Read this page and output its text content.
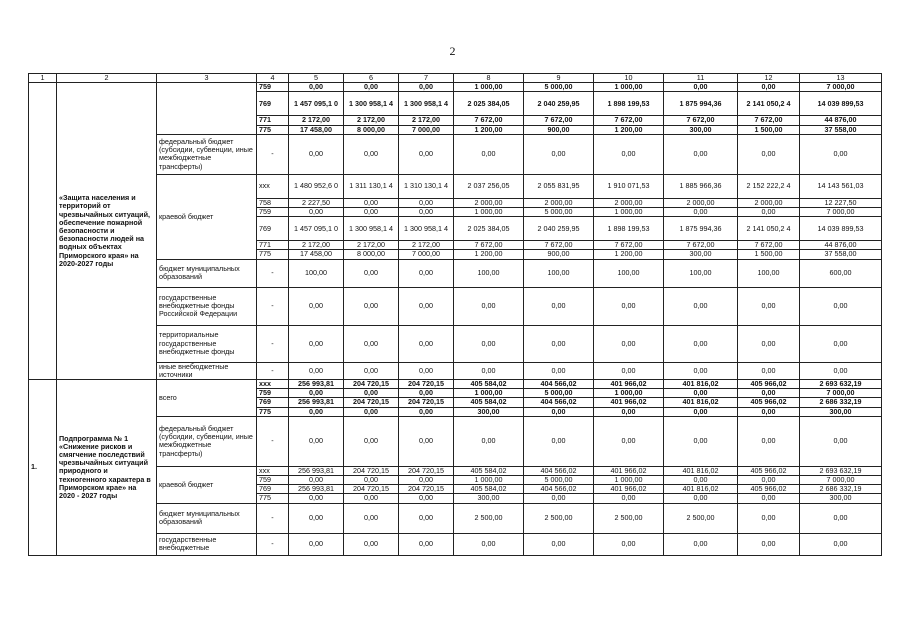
2
1	2	3	4	5	6	7	8	9	10	11	12	13
	«Защита населения и территорий от чрезвычайных ситуаций, обеспечение пожарной безопасности и безопасности людей на водных объектах Приморского края» на 2020-2027 годы		759	0,00	0,00	0,00	1 000,00	5 000,00	1 000,00	0,00	0,00	7 000,00
			769	1 457 095,1 0	1 300 958,1 4	1 300 958,1 4	2 025 384,05	2 040 259,95	1 898 199,53	1 875 994,36	2 141 050,2 4	14 039 899,53
			771	2 172,00	2 172,00	2 172,00	7 672,00	7 672,00	7 672,00	7 672,00	7 672,00	44 876,00
			775	17 458,00	8 000,00	7 000,00	1 200,00	900,00	1 200,00	300,00	1 500,00	37 558,00
		федеральный бюджет (субсидии, субвенции, иные межбюджетные трансферты)	-	0,00	0,00	0,00	0,00	0,00	0,00	0,00	0,00	0,00
		краевой бюджет	ххх	1 480 952,6 0	1 311 130,1 4	1 310 130,1 4	2 037 256,05	2 055 831,95	1 910 071,53	1 885 966,36	2 152 222,2 4	14 143 561,03
			758	2 227,50	0,00	0,00	2 000,00	2 000,00	2 000,00	2 000,00	2 000,00	12 227,50
			759	0,00	0,00	0,00	1 000,00	5 000,00	1 000,00	0,00	0,00	7 000,00
			769	1 457 095,1 0	1 300 958,1 4	1 300 958,1 4	2 025 384,05	2 040 259,95	1 898 199,53	1 875 994,36	2 141 050,2 4	14 039 899,53
			771	2 172,00	2 172,00	2 172,00	7 672,00	7 672,00	7 672,00	7 672,00	7 672,00	44 876,00
			775	17 458,00	8 000,00	7 000,00	1 200,00	900,00	1 200,00	300,00	1 500,00	37 558,00
		бюджет муниципальных образований	-	100,00	0,00	0,00	100,00	100,00	100,00	100,00	100,00	600,00
		государственные внебюджетные фонды Российской Федерации	-	0,00	0,00	0,00	0,00	0,00	0,00	0,00	0,00	0,00
		территориальные государственные внебюджетные фонды	-	0,00	0,00	0,00	0,00	0,00	0,00	0,00	0,00	0,00
		иные внебюджетные источники	-	0,00	0,00	0,00	0,00	0,00	0,00	0,00	0,00	0,00
1.	Подпрограмма № 1 «Снижение рисков и смягчение последствий чрезвычайных ситуаций природного и техногенного характера в Приморском крае» на 2020 - 2027 годы	всего	ххх	256 993,81	204 720,15	204 720,15	405 584,02	404 566,02	401 966,02	401 816,02	405 966,02	2 693 632,19
			759	0,00	0,00	0,00	1 000,00	5 000,00	1 000,00	0,00	0,00	7 000,00
			769	256 993,81	204 720,15	204 720,15	405 584,02	404 566,02	401 966,02	401 816,02	405 966,02	2 686 332,19
			775	0,00	0,00	0,00	300,00	0,00	0,00	0,00	0,00	300,00
		федеральный бюджет (субсидии, субвенции, иные межбюджетные трансферты)	-	0,00	0,00	0,00	0,00	0,00	0,00	0,00	0,00	0,00
		краевой бюджет	ххх	256 993,81	204 720,15	204 720,15	405 584,02	404 566,02	401 966,02	401 816,02	405 966,02	2 693 632,19
			759	0,00	0,00	0,00	1 000,00	5 000,00	1 000,00	0,00	0,00	7 000,00
			769	256 993,81	204 720,15	204 720,15	405 584,02	404 566,02	401 966,02	401 816,02	405 966,02	2 686 332,19
			775	0,00	0,00	0,00	300,00	0,00	0,00	0,00	0,00	300,00
		бюджет муниципальных образований	-	0,00	0,00	0,00	2 500,00	2 500,00	2 500,00	2 500,00	0,00	0,00
		государственные внебюджетные	-	0,00	0,00	0,00	0,00	0,00	0,00	0,00	0,00	0,00
